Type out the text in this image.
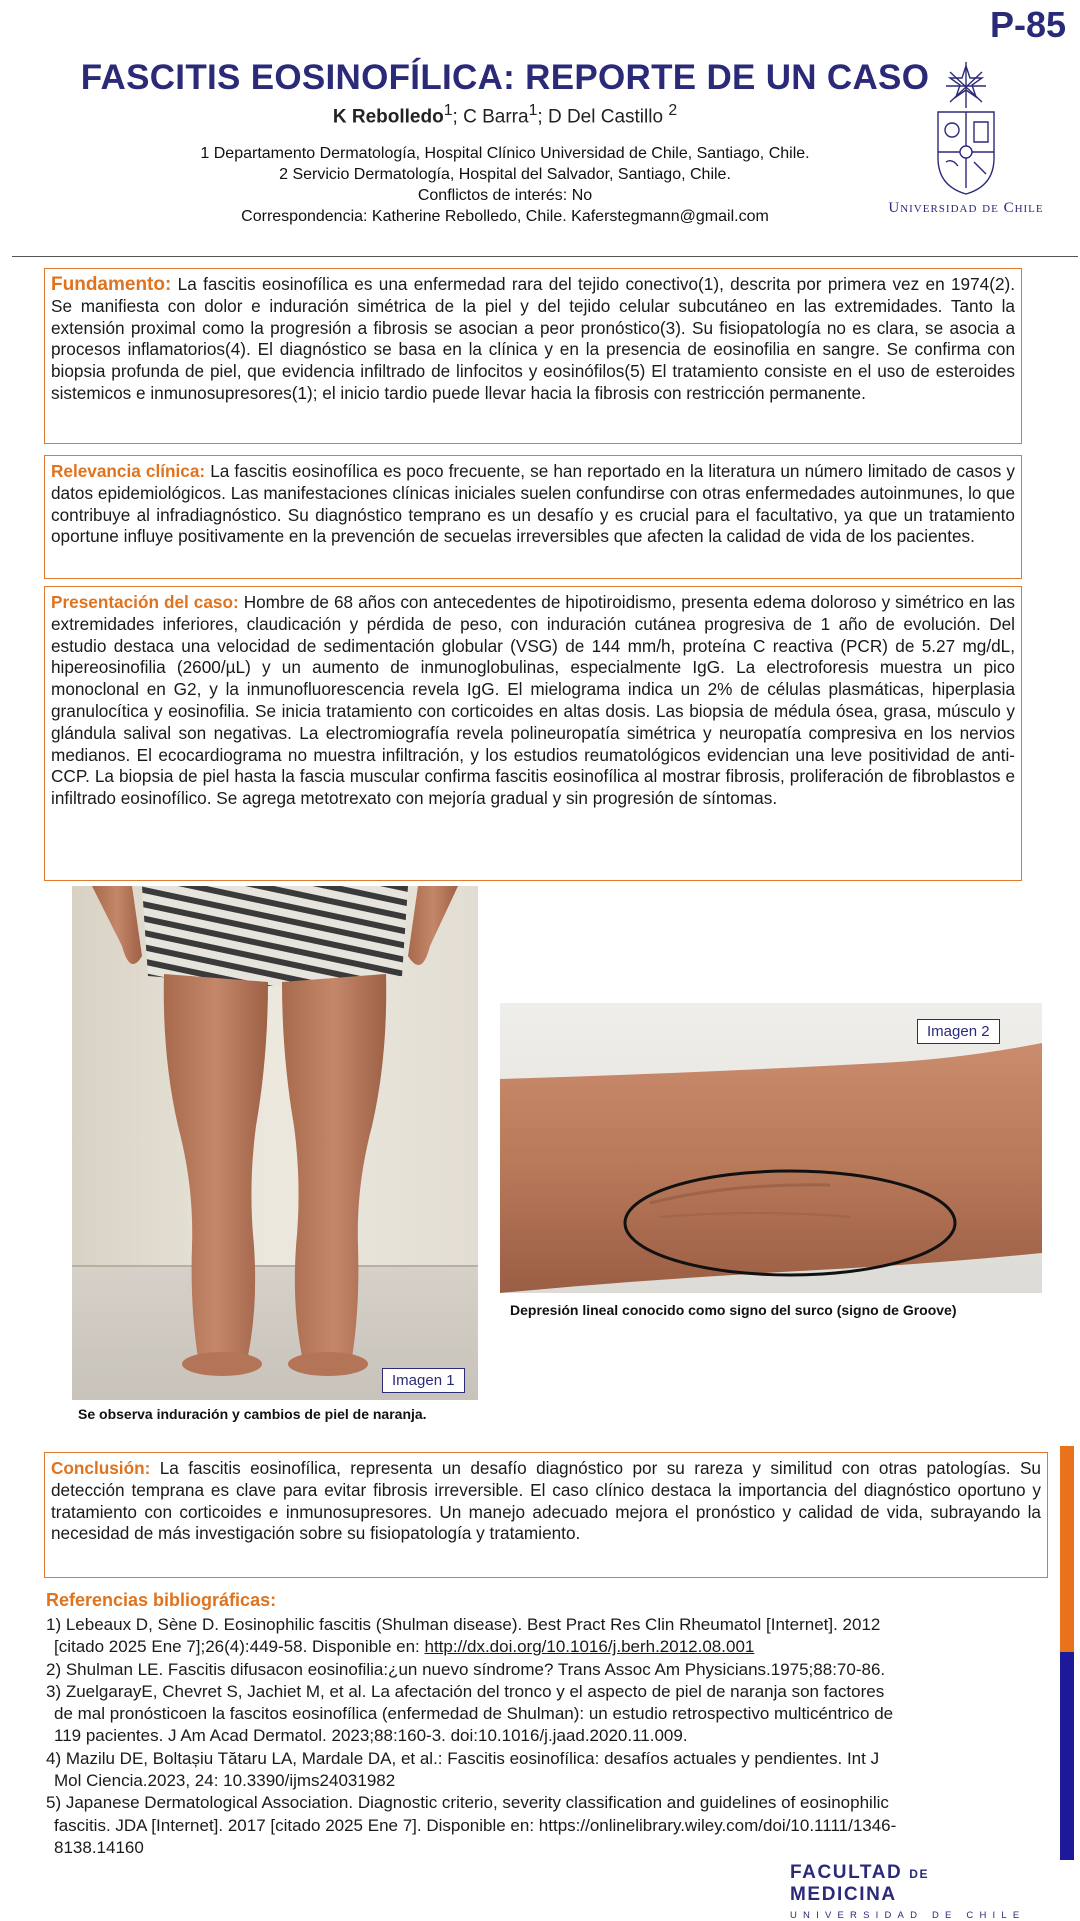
P-85
FASCITIS EOSINOFÍLICA: REPORTE DE UN CASO
K Rebolledo$^1$; C Barra$^1$; D Del Castillo $^2$
1 Departamento Dermatología, Hospital Clínico Universidad de Chile, Santiago, Chile.
2 Servicio Dermatología, Hospital del Salvador, Santiago, Chile.
Conflictos de interés: No
Correspondencia: Katherine Rebolledo, Chile. Kaferstegmann@gmail.com	Universidad de Chile
Fundamento: La fascitis eosinofílica es una enfermedad rara del tejido conectivo(1), descrita por primera vez en 1974(2). Se manifiesta con dolor e induración simétrica de la piel y del tejido celular subcutáneo en las extremidades. Tanto la extensión proximal como la progresión a fibrosis se asocian a peor pronóstico(3). Su fisiopatología no es clara, se asocia a procesos inflamatorios(4). El diagnóstico se basa en la clínica y en la presencia de eosinofilia en sangre. Se confirma con biopsia profunda de piel, que evidencia infiltrado de linfocitos y eosinófilos(5) El tratamiento consiste en el uso de esteroides sistemicos e inmunosupresores(1); el inicio tardio puede llevar hacia la fibrosis con restricción permanente.
Relevancia clínica: La fascitis eosinofílica es poco frecuente, se han reportado en la literatura un número limitado de casos y datos epidemiológicos. Las manifestaciones clínicas iniciales suelen confundirse con otras enfermedades autoinmunes, lo que contribuye al infradiagnóstico. Su diagnóstico temprano es un desafío y es crucial para el facultativo, ya que un tratamiento oportune influye positivamente en la prevención de secuelas irreversibles que afecten la calidad de vida de los pacientes.
Presentación del caso: Hombre de 68 años con antecedentes de hipotiroidismo, presenta edema doloroso y simétrico en las extremidades inferiores, claudicación y pérdida de peso, con induración cutánea progresiva de 1 año de evolución. Del estudio destaca una velocidad de sedimentación globular (VSG) de 144 mm/h, proteína C reactiva (PCR) de 5.27 mg/dL, hipereosinofilia (2600/µL) y un aumento de inmunoglobulinas, especialmente IgG. La electroforesis muestra un pico monoclonal en G2, y la inmunofluorescencia revela IgG. El mielograma indica un 2% de células plasmáticas, hiperplasia granulocítica y eosinofilia. Se inicia tratamiento con corticoides en altas dosis. Las biopsia de médula ósea, grasa, músculo y glándula salival son negativas. La electromiografía revela polineuropatía simétrica y neuropatía compresiva en los nervios medianos. El ecocardiograma no muestra infiltración, y los estudios reumatológicos evidencian una leve positividad de anti-CCP. La biopsia de piel hasta la fascia muscular confirma fascitis eosinofílica al mostrar fibrosis, proliferación de fibroblastos e infiltrado eosinofílico. Se agrega metotrexato con mejoría gradual y sin progresión de síntomas.
Imagen 1
Se observa induración y cambios de piel de naranja.
Imagen 2
Depresión lineal conocido como signo del surco (signo de Groove)
Conclusión: La fascitis eosinofílica, representa un desafío diagnóstico por su rareza y similitud con otras patologías. Su detección temprana es clave para evitar fibrosis irreversible. El caso clínico destaca la importancia del diagnóstico oportuno y tratamiento con corticoides e inmunosupresores. Un manejo adecuado mejora el pronóstico y calidad de vida, subrayando la necesidad de más investigación sobre su fisiopatología y tratamiento.
Referencias bibliográficas:
1) Lebeaux D, Sène D. Eosinophilic fascitis (Shulman disease). Best Pract Res Clin Rheumatol [Internet]. 2012
[citado 2025 Ene 7];26(4):449-58. Disponible en: http://dx.doi.org/10.1016/j.berh.2012.08.001
2) Shulman LE. Fascitis difusacon eosinofilia:¿un nuevo síndrome? Trans Assoc Am Physicians.1975;88:70-86.
3) ZuelgarayE, Chevret S, Jachiet M, et al. La afectación del tronco y el aspecto de piel de naranja son factores
de mal pronósticoen la fascitos eosinofílica (enfermedad de Shulman): un estudio retrospectivo multicéntrico de
119 pacientes. J Am Acad Dermatol. 2023;88:160-3. doi:10.1016/j.jaad.2020.11.009.
4) Mazilu DE, Boltașiu Tătaru LA, Mardale DA, et al.: Fascitis eosinofílica: desafíos actuales y pendientes. Int J
Mol Ciencia.2023, 24: 10.3390/ijms24031982
5) Japanese Dermatological Association. Diagnostic criterio, severity classification and guidelines of eosinophilic
fascitis. JDA [Internet]. 2017 [citado 2025 Ene 7]. Disponible en: https://onlinelibrary.wiley.com/doi/10.1111/1346-
8138.14160
FACULTAD DE MEDICINA
UNIVERSIDAD DE CHILE
